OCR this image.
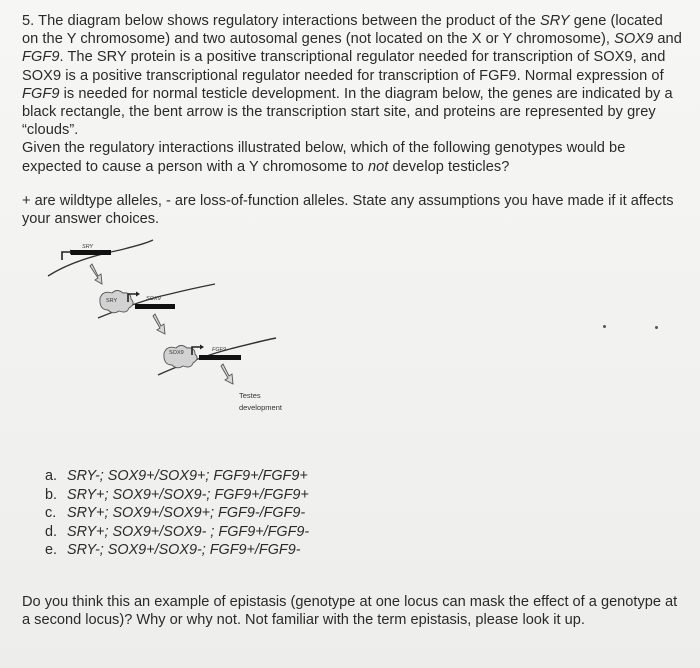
5. The diagram below shows regulatory interactions between the product of the SRY gene (located on the Y chromosome) and two autosomal genes (not located on the X or Y chromosome), SOX9 and FGF9. The SRY protein is a positive transcriptional regulator needed for transcription of SOX9, and SOX9 is a positive transcriptional regulator needed for transcription of FGF9. Normal expression of FGF9 is needed for normal testicle development. In the diagram below, the genes are indicated by a black rectangle, the bent arrow is the transcription start site, and proteins are represented by grey “clouds”.

Given the regulatory interactions illustrated below, which of the following genotypes would be expected to cause a person with a Y chromosome to not develop testicles?

+ are wildtype alleles, - are loss-of-function alleles. State any assumptions you have made if it affects your answer choices.
SRY
SRY	SOX9
SOX9	FGF9
Testes
development
a. SRY-; SOX9+/SOX9+; FGF9+/FGF9+
b. SRY+; SOX9+/SOX9-; FGF9+/FGF9+
c. SRY+; SOX9+/SOX9+; FGF9-/FGF9-
d. SRY+; SOX9+/SOX9- ; FGF9+/FGF9-
e. SRY-; SOX9+/SOX9-; FGF9+/FGF9-
Do you think this an example of epistasis (genotype at one locus can mask the effect of a genotype at a second locus)? Why or why not. Not familiar with the term epistasis, please look it up.
